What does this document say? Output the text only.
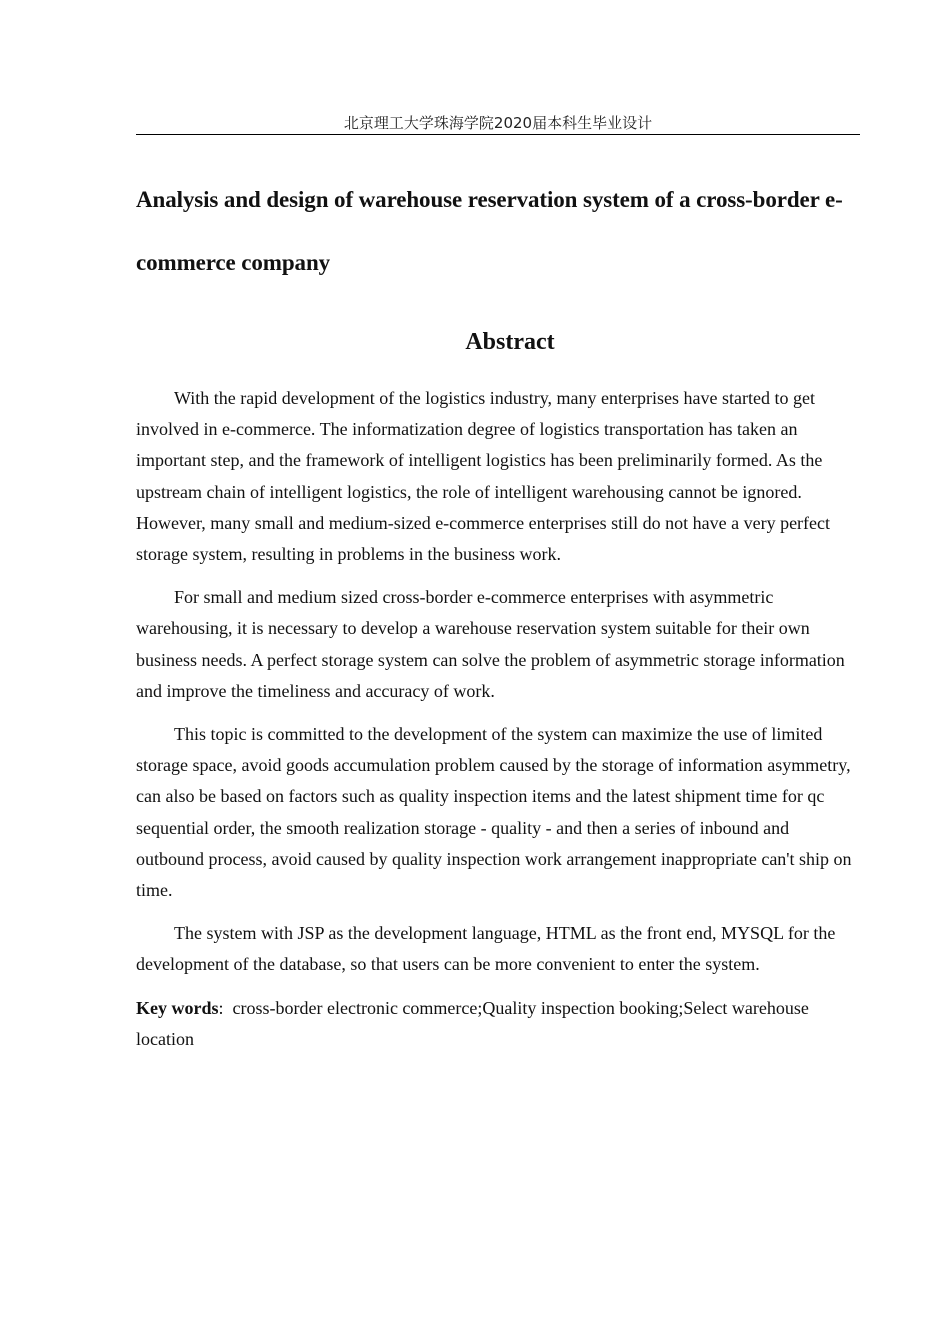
北京理工大学珠海学院2020届本科生毕业设计
Analysis and design of warehouse reservation system of a cross-border e-commerce company
Abstract

With the rapid development of the logistics industry, many enterprises have started to get involved in e-commerce. The informatization degree of logistics transportation has taken an important step, and the framework of intelligent logistics has been preliminarily formed. As the upstream chain of intelligent logistics, the role of intelligent warehousing cannot be ignored. However, many small and medium-sized e-commerce enterprises still do not have a very perfect storage system, resulting in problems in the business work.

For small and medium sized cross-border e-commerce enterprises with asymmetric warehousing, it is necessary to develop a warehouse reservation system suitable for their own business needs. A perfect storage system can solve the problem of asymmetric storage information and improve the timeliness and accuracy of work.

This topic is committed to the development of the system can maximize the use of limited storage space, avoid goods accumulation problem caused by the storage of information asymmetry, can also be based on factors such as quality inspection items and the latest shipment time for qc sequential order, the smooth realization storage - quality - and then a series of inbound and outbound process, avoid caused by quality inspection work arrangement inappropriate can't ship on time.

The system with JSP as the development language, HTML as the front end, MYSQL for the development of the database, so that users can be more convenient to enter the system.

Key words:  cross-border electronic commerce;Quality inspection booking;Select warehouse location
